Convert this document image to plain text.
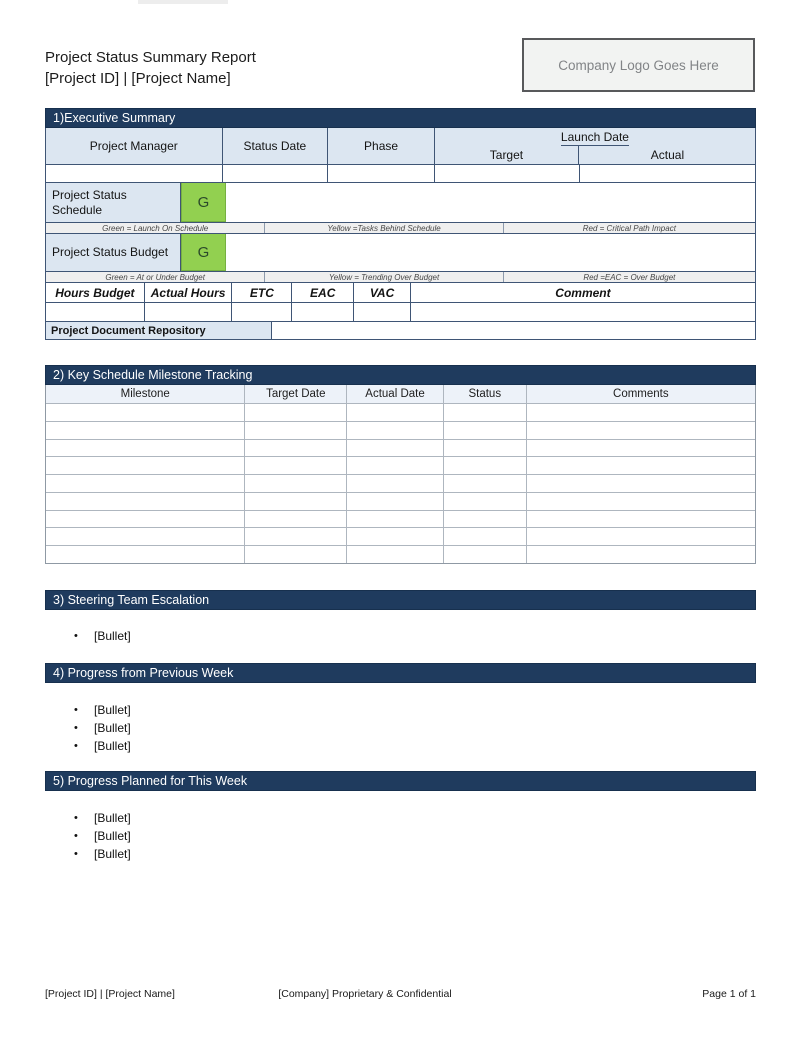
Project Status Summary Report
[Project ID] | [Project Name]
Company Logo Goes Here
1)Executive Summary
Project Manager	Status Date	Phase
Launch Date
Target	Actual
Project Status Schedule	G
Green = Launch On Schedule	Yellow =Tasks Behind Schedule	Red = Critical Path Impact
Project Status Budget	G
Green = At or Under Budget	Yellow = Trending Over Budget	Red =EAC = Over Budget
Hours Budget	Actual Hours	ETC	EAC	VAC	Comment
Project Document Repository
2) Key Schedule Milestone Tracking
Milestone	Target Date	Actual Date	Status	Comments
3) Steering Team Escalation
•	[Bullet]
4) Progress from Previous Week
•	[Bullet]
•	[Bullet]
•	[Bullet]
5) Progress Planned for This Week
•	[Bullet]
•	[Bullet]
•	[Bullet]
[Project ID] | [Project Name]	[Company] Proprietary & Confidential	Page 1 of 1
